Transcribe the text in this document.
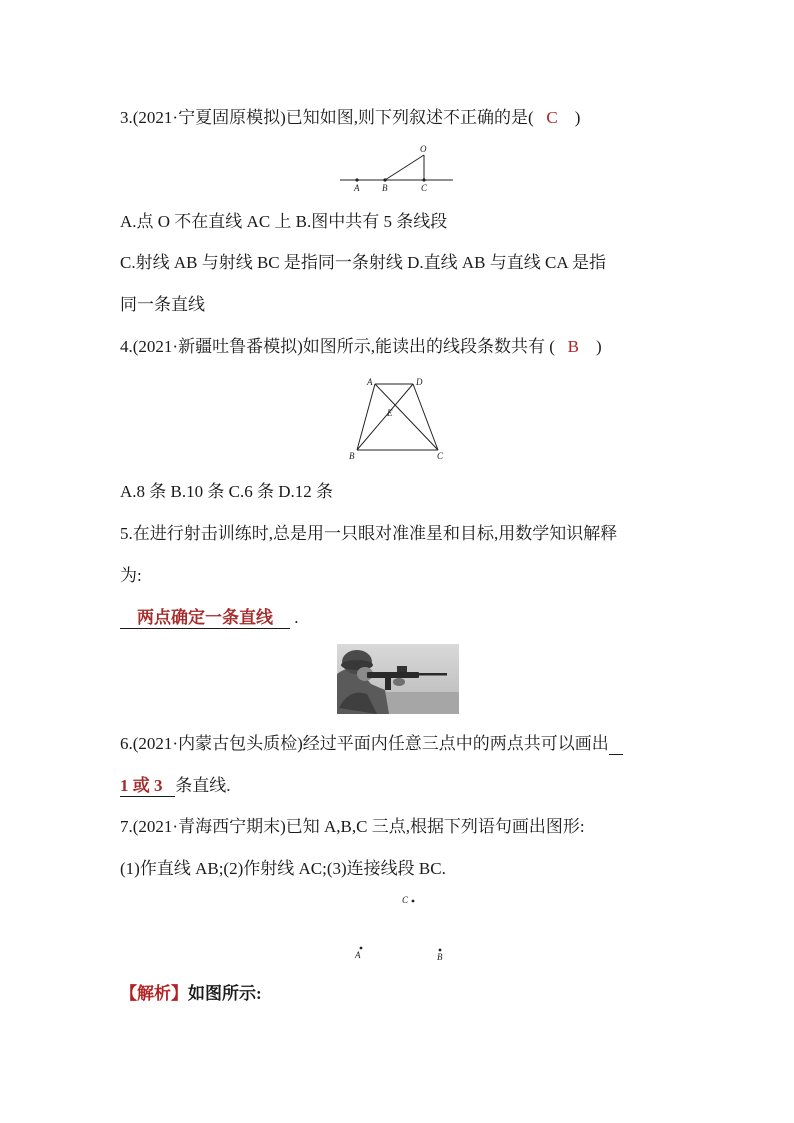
3.(2021·宁夏固原模拟)已知如图,则下列叙述不正确的是( C )
O
A	B	C
A.点 O 不在直线 AC 上 B.图中共有 5 条线段
C.射线 AB 与射线 BC 是指同一条射线 D.直线 AB 与直线 CA 是指
同一条直线
4.(2021·新疆吐鲁番模拟)如图所示,能读出的线段条数共有 ( B )
A	D
E
B	C
A.8 条 B.10 条 C.6 条 D.12 条
5.在进行射击训练时,总是用一只眼对准准星和目标,用数学知识解释
为:
两点确定一条直线 .
6.(2021·内蒙古包头质检)经过平面内任意三点中的两点共可以画出
1 或 3 条直线.
7.(2021·青海西宁期末)已知 A,B,C 三点,根据下列语句画出图形:
(1)作直线 AB;(2)作射线 AC;(3)连接线段 BC.
C
A	B
【解析】如图所示:
